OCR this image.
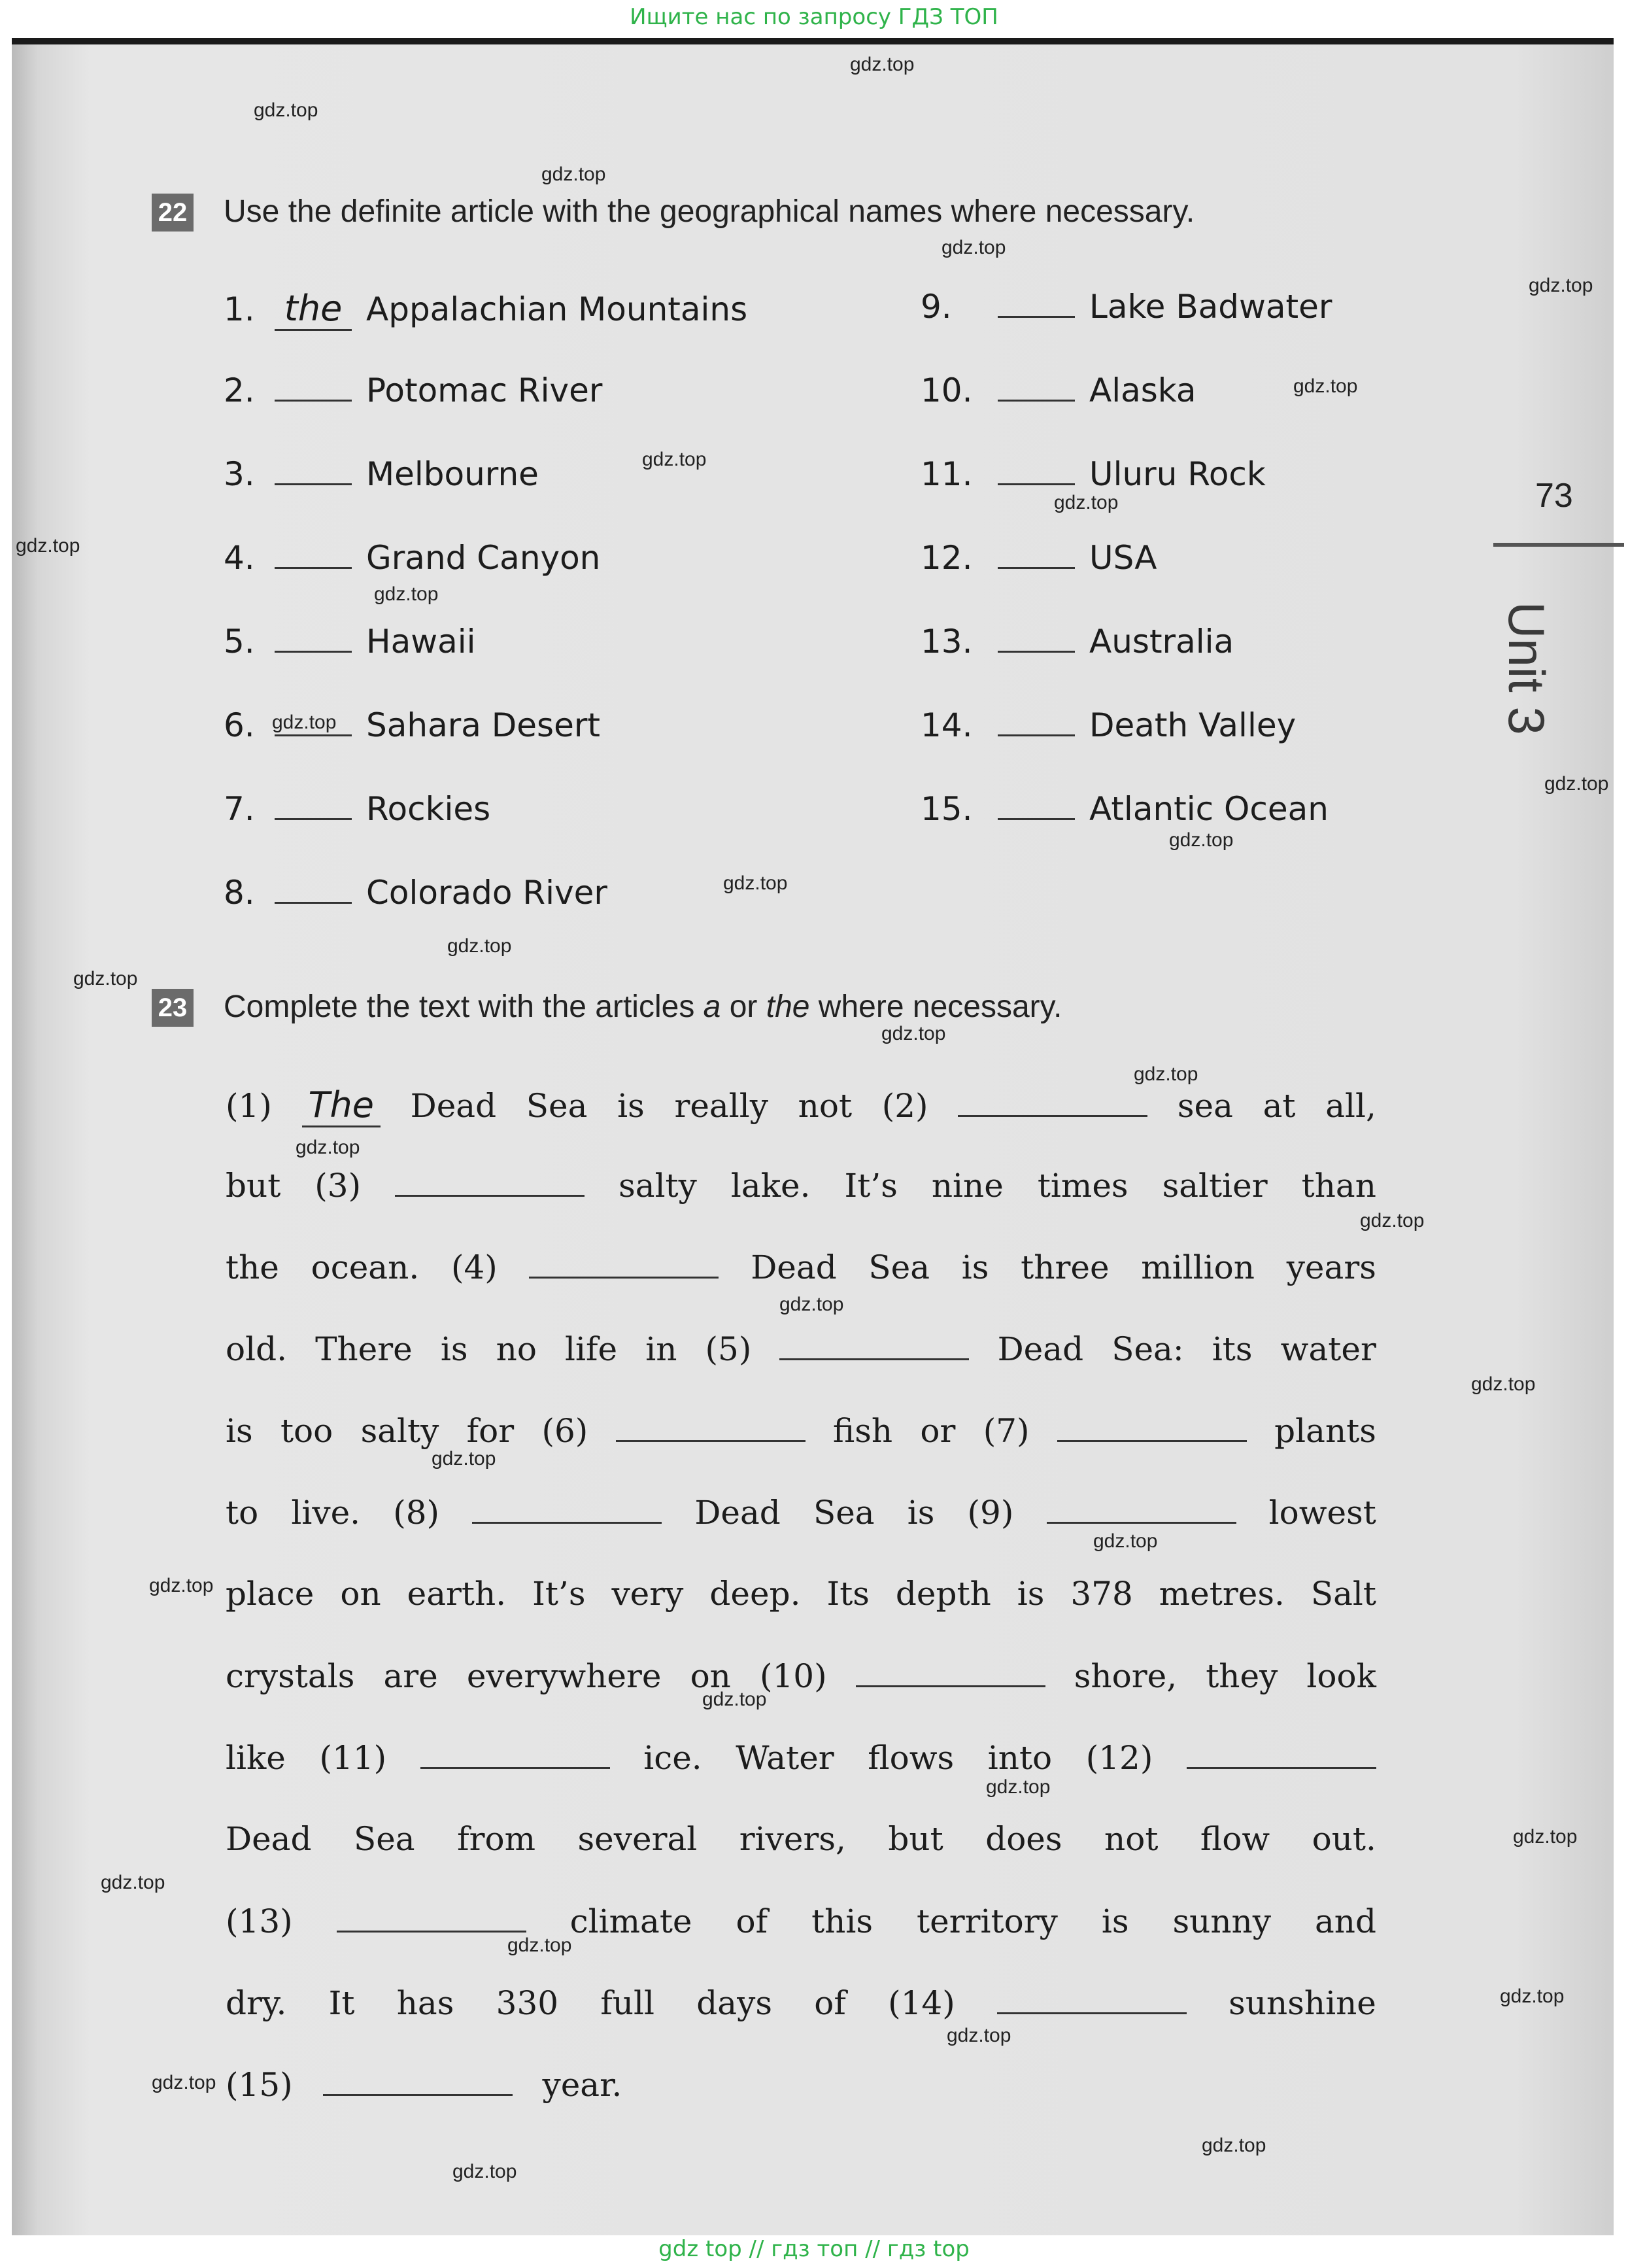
Ищите нас по запросу ГДЗ ТОП
22 Use the definite article with the geographical names where necessary.
1. the Appalachian Mountains
2.	Potomac River
3.	Melbourne
4.	Grand Canyon
5.	Hawaii
6.	Sahara Desert
7.	Rockies
8.	Colorado River
9.	Lake Badwater
10.	Alaska
11.	Uluru Rock
12.	USA
13.	Australia
14.	Death Valley
15.	Atlantic Ocean
23 Complete the text with the articles a or the where necessary.
(1) The Dead Sea is really not (2)	sea at all,
but (3)	salty lake. It’s nine times saltier than
the ocean. (4)	Dead Sea is three million years
old. There is no life in (5)	Dead Sea: its water
is too salty for (6)	fish or (7)	plants
to live. (8)	Dead Sea is (9)	lowest
place on earth. It’s very deep. Its depth is 378 metres. Salt
crystals are everywhere on (10)	shore, they look
like (11)	ice. Water flows into (12)
Dead Sea from several rivers, but does not flow out.
(13)	climate of this territory is sunny and
dry. It has 330 full days of (14)	sunshine
(15)	year.
73
Unit 3
gdz.top
gdz.top
gdz.top
gdz.top
gdz.top
gdz.top
gdz.top
gdz.top
gdz.top
gdz.top
gdz.top
gdz.top
gdz.top
gdz.top
gdz.top
gdz.top
gdz.top
gdz.top
gdz.top
gdz.top
gdz.top
gdz.top
gdz.top
gdz.top
gdz.top
gdz.top
gdz.top
gdz.top
gdz.top
gdz.top
gdz.top
gdz.top
gdz.top
gdz.top
gdz.top
gdz top // гдз топ // гдз top
